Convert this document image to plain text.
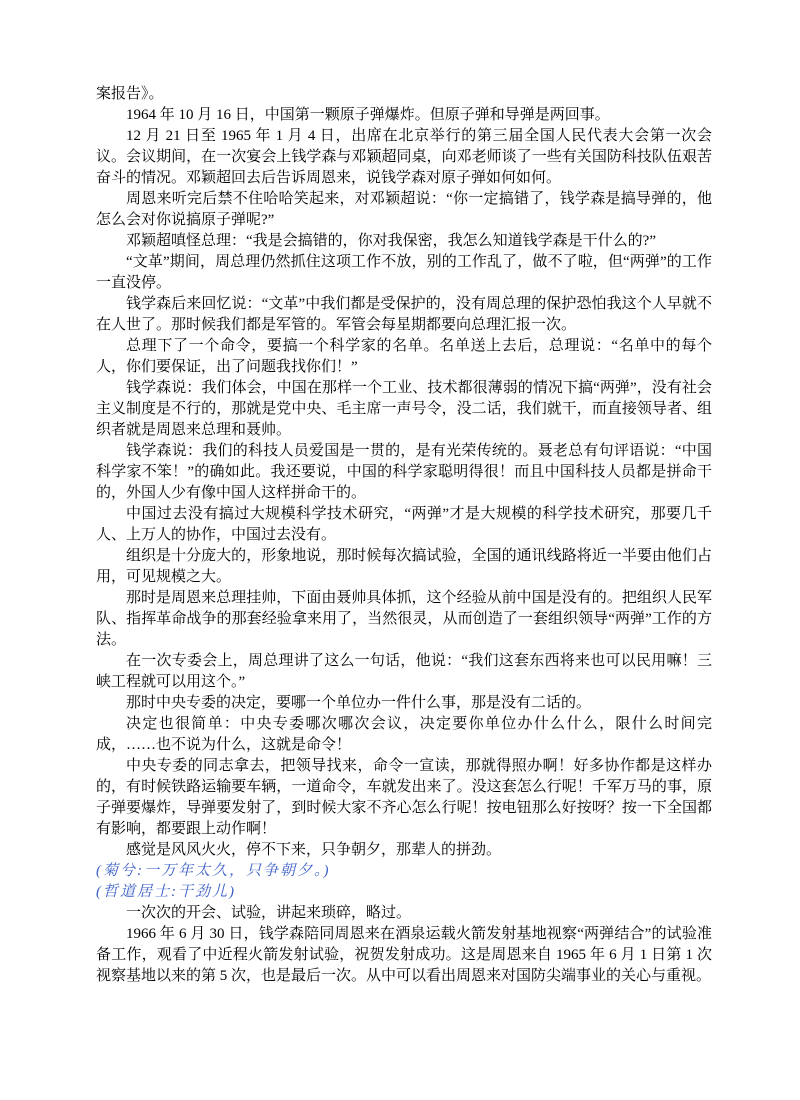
案报告》。

1964 年 10 月 16 日，中国第一颗原子弹爆炸。但原子弹和导弹是两回事。

12 月 21 日至 1965 年 1 月 4 日，出席在北京举行的第三届全国人民代表大会第一次会议。会议期间，在一次宴会上钱学森与邓颖超同桌，向邓老师谈了一些有关国防科技队伍艰苦奋斗的情况。邓颖超回去后告诉周恩来，说钱学森对原子弹如何如何。

周恩来听完后禁不住哈哈笑起来，对邓颖超说：“你一定搞错了，钱学森是搞导弹的，他怎么会对你说搞原子弹呢?”

邓颖超嗔怪总理：“我是会搞错的，你对我保密，我怎么知道钱学森是干什么的?”

“文革”期间，周总理仍然抓住这项工作不放，别的工作乱了，做不了啦，但“两弹”的工作一直没停。

钱学森后来回忆说：“文革”中我们都是受保护的，没有周总理的保护恐怕我这个人早就不在人世了。那时候我们都是军管的。军管会每星期都要向总理汇报一次。

总理下了一个命令，要搞一个科学家的名单。名单送上去后，总理说：“名单中的每个人，你们要保证，出了问题我找你们！”

钱学森说：我们体会，中国在那样一个工业、技术都很薄弱的情况下搞“两弹”，没有社会主义制度是不行的，那就是党中央、毛主席一声号令，没二话，我们就干，而直接领导者、组织者就是周恩来总理和聂帅。

钱学森说：我们的科技人员爱国是一贯的，是有光荣传统的。聂老总有句评语说：“中国科学家不笨！”的确如此。我还要说，中国的科学家聪明得很！而且中国科技人员都是拼命干的，外国人少有像中国人这样拼命干的。

中国过去没有搞过大规模科学技术研究，“两弹”才是大规模的科学技术研究，那要几千人、上万人的协作，中国过去没有。

组织是十分庞大的，形象地说，那时候每次搞试验，全国的通讯线路将近一半要由他们占用，可见规模之大。

那时是周恩来总理挂帅，下面由聂帅具体抓，这个经验从前中国是没有的。把组织人民军队、指挥革命战争的那套经验拿来用了，当然很灵，从而创造了一套组织领导“两弹”工作的方法。

在一次专委会上，周总理讲了这么一句话，他说：“我们这套东西将来也可以民用嘛！三峡工程就可以用这个。”

那时中央专委的决定，要哪一个单位办一件什么事，那是没有二话的。

决定也很简单：中央专委哪次哪次会议，决定要你单位办什么什么，限什么时间完成，……也不说为什么，这就是命令！

中央专委的同志拿去，把领导找来，命令一宣读，那就得照办啊！好多协作都是这样办的，有时候铁路运输要车辆，一道命令，车就发出来了。没这套怎么行呢！千军万马的事，原子弹要爆炸，导弹要发射了，到时候大家不齐心怎么行呢！按电钮那么好按呀？按一下全国都有影响，都要跟上动作啊！

感觉是风风火火，停不下来，只争朝夕，那辈人的拼劲。

(菊兮:一万年太久，只争朝夕。)

(哲道居士:干劲儿)

一次次的开会、试验，讲起来琐碎，略过。

1966 年 6 月 30 日，钱学森陪同周恩来在酒泉运载火箭发射基地视察“两弹结合”的试验准备工作，观看了中近程火箭发射试验，祝贺发射成功。这是周恩来自 1965 年 6 月 1 日第 1 次视察基地以来的第 5 次，也是最后一次。从中可以看出周恩来对国防尖端事业的关心与重视。
